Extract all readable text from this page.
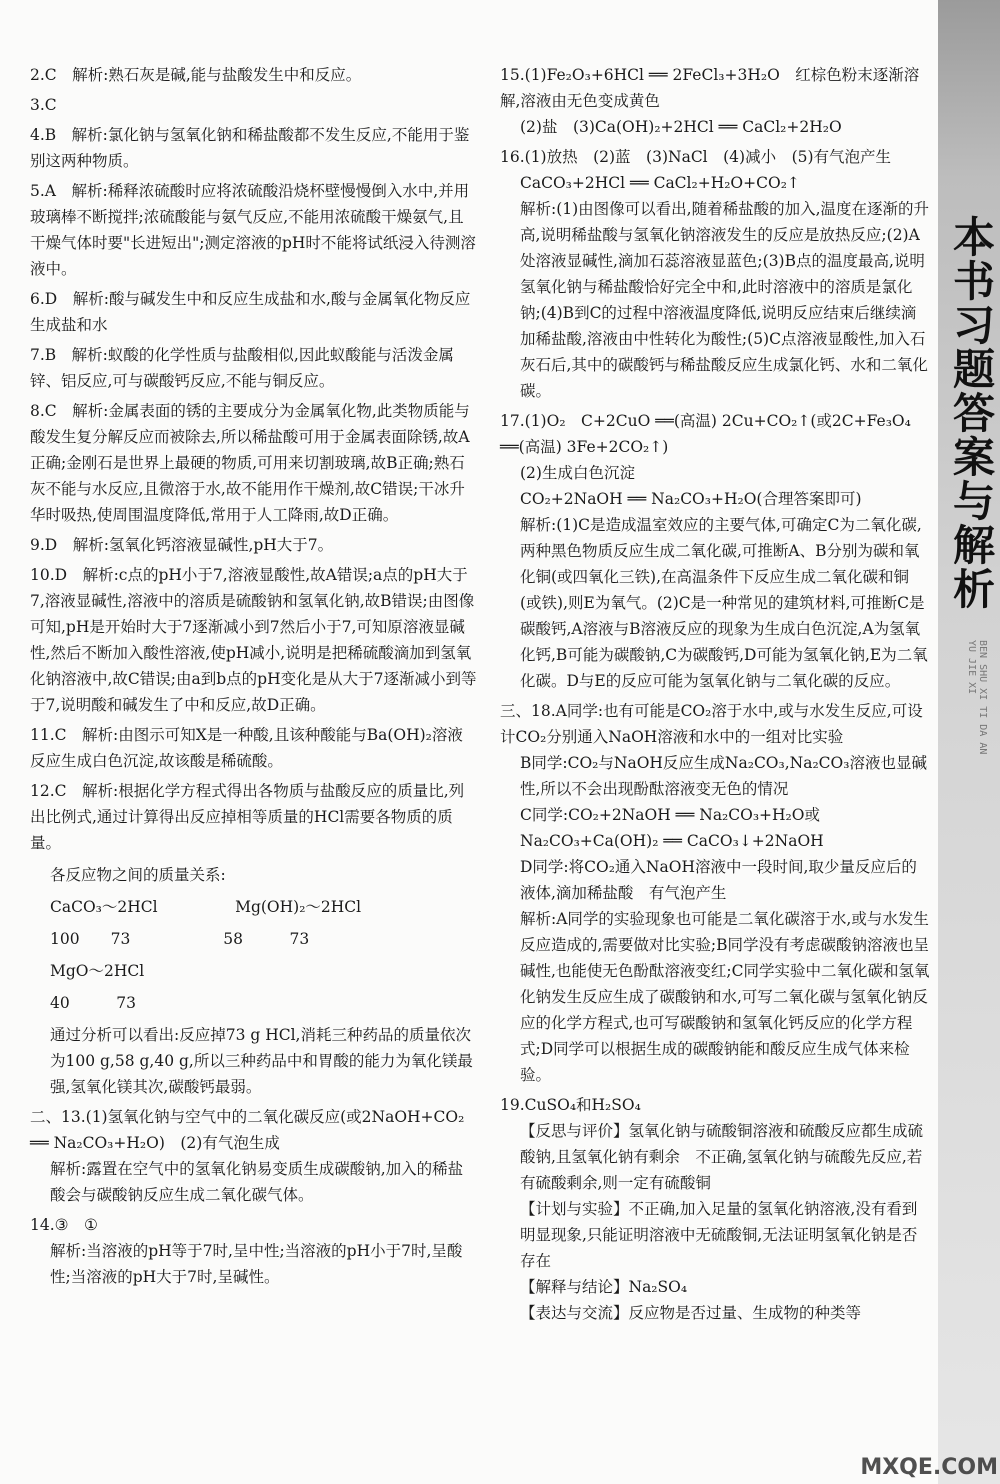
2.C　解析:熟石灰是碱,能与盐酸发生中和反应。

3.C

4.B　解析:氯化钠与氢氧化钠和稀盐酸都不发生反应,不能用于鉴别这两种物质。

5.A　解析:稀释浓硫酸时应将浓硫酸沿烧杯壁慢慢倒入水中,并用玻璃棒不断搅拌;浓硫酸能与氨气反应,不能用浓硫酸干燥氨气,且干燥气体时要"长进短出";测定溶液的pH时不能将试纸浸入待测溶液中。

6.D　解析:酸与碱发生中和反应生成盐和水,酸与金属氧化物反应生成盐和水

7.B　解析:蚁酸的化学性质与盐酸相似,因此蚁酸能与活泼金属锌、铝反应,可与碳酸钙反应,不能与铜反应。

8.C　解析:金属表面的锈的主要成分为金属氧化物,此类物质能与酸发生复分解反应而被除去,所以稀盐酸可用于金属表面除锈,故A正确;金刚石是世界上最硬的物质,可用来切割玻璃,故B正确;熟石灰不能与水反应,且微溶于水,故不能用作干燥剂,故C错误;干冰升华时吸热,使周围温度降低,常用于人工降雨,故D正确。

9.D　解析:氢氧化钙溶液显碱性,pH大于7。

10.D　解析:c点的pH小于7,溶液显酸性,故A错误;a点的pH大于7,溶液显碱性,溶液中的溶质是硫酸钠和氢氧化钠,故B错误;由图像可知,pH是开始时大于7逐渐减小到7然后小于7,可知原溶液显碱性,然后不断加入酸性溶液,使pH减小,说明是把稀硫酸滴加到氢氧化钠溶液中,故C错误;由a到b点的pH变化是从大于7逐渐减小到等于7,说明酸和碱发生了中和反应,故D正确。

11.C　解析:由图示可知X是一种酸,且该种酸能与Ba(OH)₂溶液反应生成白色沉淀,故该酸是稀硫酸。

12.C　解析:根据化学方程式得出各物质与盐酸反应的质量比,列出比例式,通过计算得出反应掉相等质量的HCl需要各物质的质量。

各反应物之间的质量关系:

CaCO₃～2HCl　　　　　Mg(OH)₂～2HCl

100　　73　　　　　　58　　　73

MgO～2HCl

40　　　73

通过分析可以看出:反应掉73 g HCl,消耗三种药品的质量依次为100 g,58 g,40 g,所以三种药品中和胃酸的能力为氧化镁最强,氢氧化镁其次,碳酸钙最弱。

二、13.(1)氢氧化钠与空气中的二氧化碳反应(或2NaOH+CO₂ ══ Na₂CO₃+H₂O)　(2)有气泡生成

解析:露置在空气中的氢氧化钠易变质生成碳酸钠,加入的稀盐酸会与碳酸钠反应生成二氧化碳气体。

14.③　①

解析:当溶液的pH等于7时,呈中性;当溶液的pH小于7时,呈酸性;当溶液的pH大于7时,呈碱性。

15.(1)Fe₂O₃+6HCl ══ 2FeCl₃+3H₂O　红棕色粉末逐渐溶解,溶液由无色变成黄色

(2)盐　(3)Ca(OH)₂+2HCl ══ CaCl₂+2H₂O

16.(1)放热　(2)蓝　(3)NaCl　(4)减小　(5)有气泡产生

CaCO₃+2HCl ══ CaCl₂+H₂O+CO₂↑

解析:(1)由图像可以看出,随着稀盐酸的加入,温度在逐渐的升高,说明稀盐酸与氢氧化钠溶液发生的反应是放热反应;(2)A处溶液显碱性,滴加石蕊溶液显蓝色;(3)B点的温度最高,说明氢氧化钠与稀盐酸恰好完全中和,此时溶液中的溶质是氯化钠;(4)B到C的过程中溶液温度降低,说明反应结束后继续滴加稀盐酸,溶液由中性转化为酸性;(5)C点溶液显酸性,加入石灰石后,其中的碳酸钙与稀盐酸反应生成氯化钙、水和二氧化碳。

17.(1)O₂　C+2CuO ══(高温) 2Cu+CO₂↑(或2C+Fe₃O₄ ══(高温) 3Fe+2CO₂↑)

(2)生成白色沉淀

CO₂+2NaOH ══ Na₂CO₃+H₂O(合理答案即可)

解析:(1)C是造成温室效应的主要气体,可确定C为二氧化碳,两种黑色物质反应生成二氧化碳,可推断A、B分别为碳和氧化铜(或四氧化三铁),在高温条件下反应生成二氧化碳和铜(或铁),则E为氧气。(2)C是一种常见的建筑材料,可推断C是碳酸钙,A溶液与B溶液反应的现象为生成白色沉淀,A为氢氧化钙,B可能为碳酸钠,C为碳酸钙,D可能为氢氧化钠,E为二氧化碳。D与E的反应可能为氢氧化钠与二氧化碳的反应。

三、18.A同学:也有可能是CO₂溶于水中,或与水发生反应,可设计CO₂分别通入NaOH溶液和水中的一组对比实验

B同学:CO₂与NaOH反应生成Na₂CO₃,Na₂CO₃溶液也显碱性,所以不会出现酚酞溶液变无色的情况

C同学:CO₂+2NaOH ══ Na₂CO₃+H₂O或Na₂CO₃+Ca(OH)₂ ══ CaCO₃↓+2NaOH

D同学:将CO₂通入NaOH溶液中一段时间,取少量反应后的液体,滴加稀盐酸　有气泡产生

解析:A同学的实验现象也可能是二氧化碳溶于水,或与水发生反应造成的,需要做对比实验;B同学没有考虑碳酸钠溶液也呈碱性,也能使无色酚酞溶液变红;C同学实验中二氧化碳和氢氧化钠发生反应生成了碳酸钠和水,可写二氧化碳与氢氧化钠反应的化学方程式,也可写碳酸钠和氢氧化钙反应的化学方程式;D同学可以根据生成的碳酸钠能和酸反应生成气体来检验。

19.CuSO₄和H₂SO₄

【反思与评价】氢氧化钠与硫酸铜溶液和硫酸反应都生成硫酸钠,且氢氧化钠有剩余　不正确,氢氧化钠与硫酸先反应,若有硫酸剩余,则一定有硫酸铜

【计划与实验】不正确,加入足量的氢氧化钠溶液,没有看到明显现象,只能证明溶液中无硫酸铜,无法证明氢氧化钠是否存在

【解释与结论】Na₂SO₄

【表达与交流】反应物是否过量、生成物的种类等

本书习题答案与解析
BEN SHU XI TI DA AN YU JIE XI
MXQE.COM
